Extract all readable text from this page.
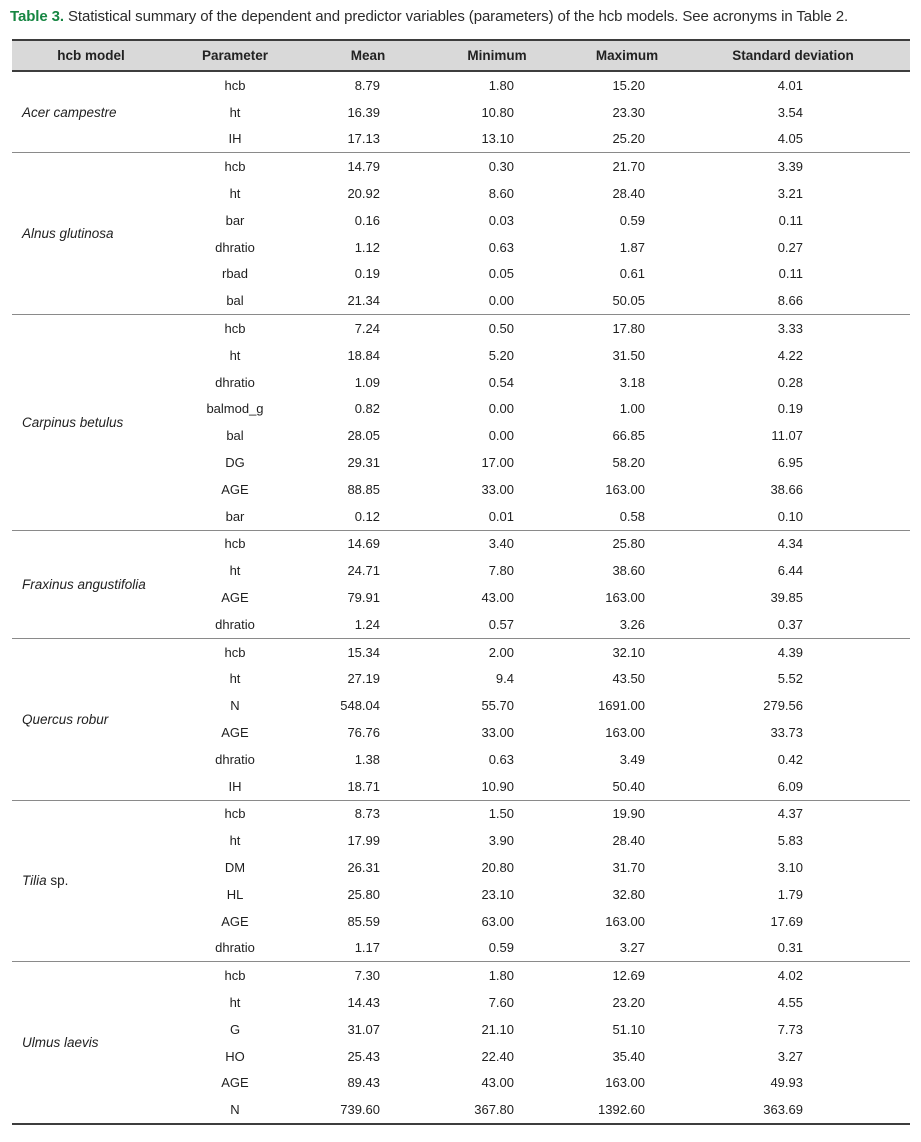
Table 3. Statistical summary of the dependent and predictor variables (parameters) of the hcb models. See acronyms in Table 2.
hcb model	Parameter	Mean	Minimum	Maximum	Standard deviation
Acer campestre	hcb	8.79	1.80	15.20	4.01
	ht	16.39	10.80	23.30	3.54
	IH	17.13	13.10	25.20	4.05
Alnus glutinosa	hcb	14.79	0.30	21.70	3.39
	ht	20.92	8.60	28.40	3.21
	bar	0.16	0.03	0.59	0.11
	dhratio	1.12	0.63	1.87	0.27
	rbad	0.19	0.05	0.61	0.11
	bal	21.34	0.00	50.05	8.66
Carpinus betulus	hcb	7.24	0.50	17.80	3.33
	ht	18.84	5.20	31.50	4.22
	dhratio	1.09	0.54	3.18	0.28
	balmod_g	0.82	0.00	1.00	0.19
	bal	28.05	0.00	66.85	11.07
	DG	29.31	17.00	58.20	6.95
	AGE	88.85	33.00	163.00	38.66
	bar	0.12	0.01	0.58	0.10
Fraxinus angustifolia	hcb	14.69	3.40	25.80	4.34
	ht	24.71	7.80	38.60	6.44
	AGE	79.91	43.00	163.00	39.85
	dhratio	1.24	0.57	3.26	0.37
Quercus robur	hcb	15.34	2.00	32.10	4.39
	ht	27.19	9.4	43.50	5.52
	N	548.04	55.70	1691.00	279.56
	AGE	76.76	33.00	163.00	33.73
	dhratio	1.38	0.63	3.49	0.42
	IH	18.71	10.90	50.40	6.09
Tilia sp.	hcb	8.73	1.50	19.90	4.37
	ht	17.99	3.90	28.40	5.83
	DM	26.31	20.80	31.70	3.10
	HL	25.80	23.10	32.80	1.79
	AGE	85.59	63.00	163.00	17.69
	dhratio	1.17	0.59	3.27	0.31
Ulmus laevis	hcb	7.30	1.80	12.69	4.02
	ht	14.43	7.60	23.20	4.55
	G	31.07	21.10	51.10	7.73
	HO	25.43	22.40	35.40	3.27
	AGE	89.43	43.00	163.00	49.93
	N	739.60	367.80	1392.60	363.69
